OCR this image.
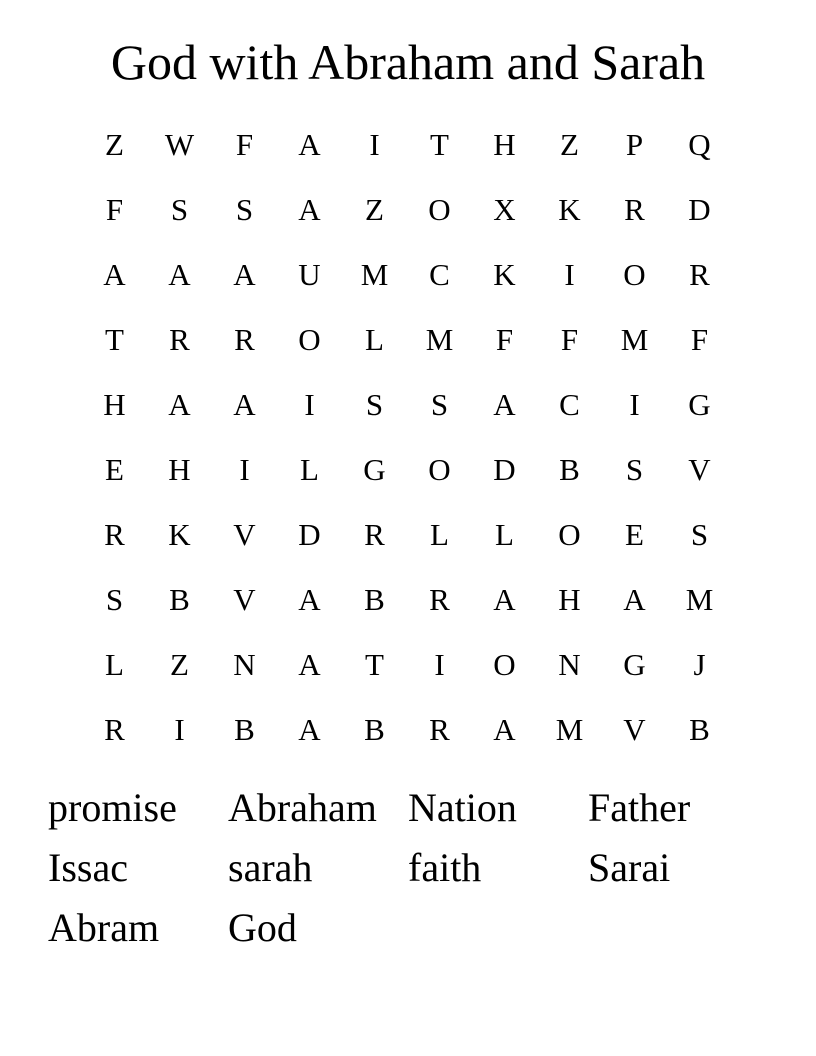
God with Abraham and Sarah
Z	W	F	A	I	T	H	Z	P	Q
F	S	S	A	Z	O	X	K	R	D
A	A	A	U	M	C	K	I	O	R
T	R	R	O	L	M	F	F	M	F
H	A	A	I	S	S	A	C	I	G
E	H	I	L	G	O	D	B	S	V
R	K	V	D	R	L	L	O	E	S
S	B	V	A	B	R	A	H	A	M
L	Z	N	A	T	I	O	N	G	J
R	I	B	A	B	R	A	M	V	B
promise Abraham Nation Father
Issac	sarah faith	Sarai
Abram God
